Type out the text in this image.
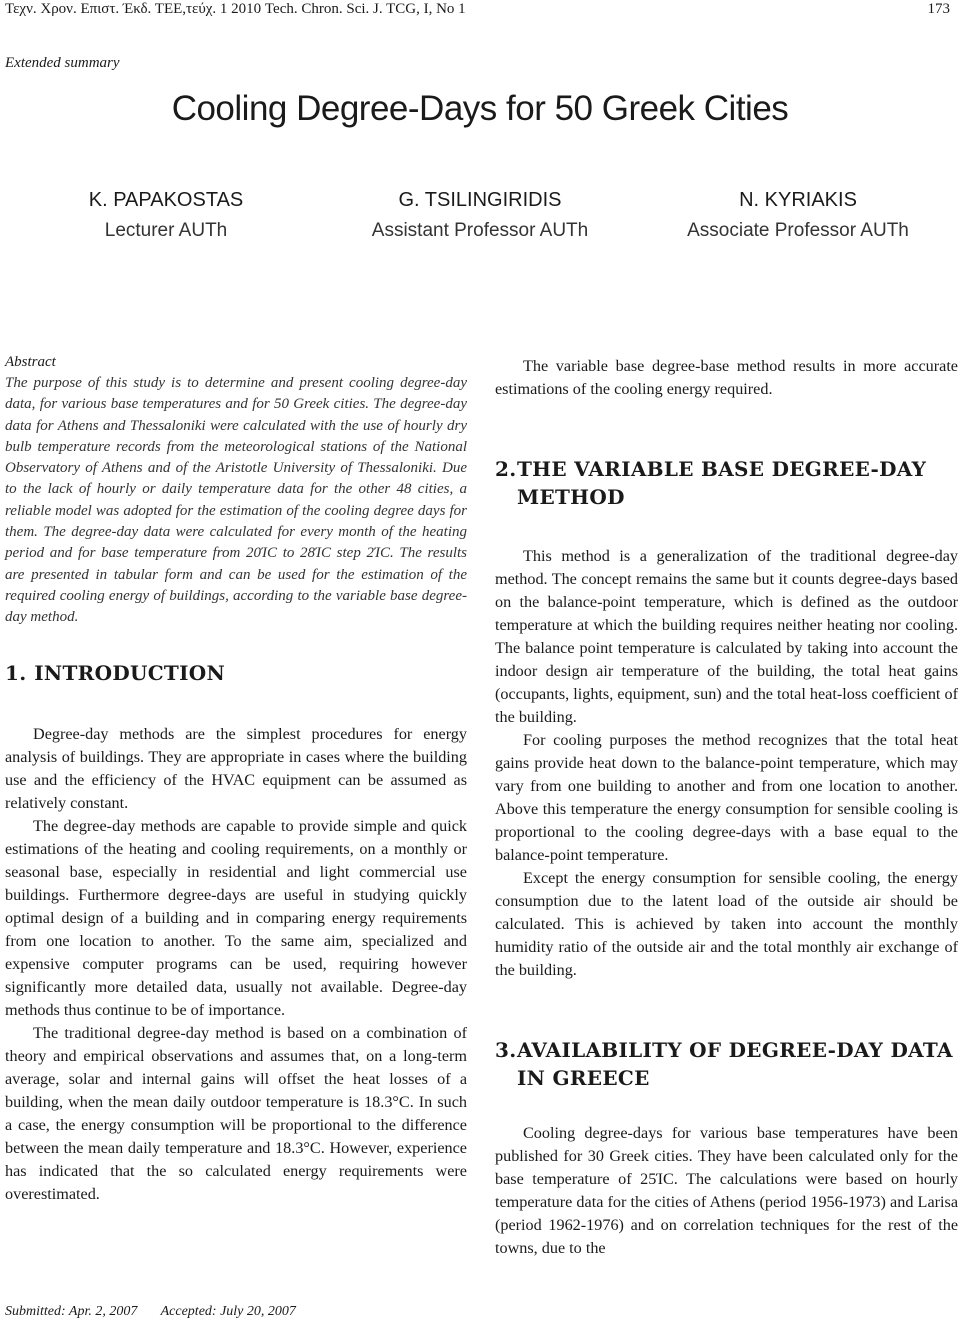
Τεχν. Χρον. Επιστ. Έκδ. ΤΕΕ,τεύχ. 1 2010 Tech. Chron. Sci. J. TCG, I, No 1	173
Extended summary
Cooling Degree-Days for 50 Greek Cities
K. PAPAKOSTAS
Lecturer AUTh
G. TSILINGIRIDIS
Assistant Professor AUTh
N. KYRIAKIS
Associate Professor AUTh
Abstract

The purpose of this study is to determine and present cooling degree-day data, for various base temperatures and for 50 Greek cities. The degree-day data for Athens and Thessaloniki were calculated with the use of hourly dry bulb temperature records from the meteorological stations of the National Observatory of Athens and of the Aristotle University of Thessaloniki. Due to the lack of hourly or daily temperature data for the other 48 cities, a reliable model was adopted for the estimation of the cooling degree days for them. The degree-day data were calculated for every month of the heating period and for base temperature from 20ΊC to 28ΊC step 2ΊC. The results are presented in tabular form and can be used for the estimation of the required cooling energy of buildings, according to the variable base degree-day method.

1. INTRODUCTION

Degree-day methods are the simplest procedures for energy analysis of buildings. They are appropriate in cases where the building use and the efficiency of the HVAC equipment can be assumed as relatively constant.

The degree-day methods are capable to provide simple and quick estimations of the heating and cooling requirements, on a monthly or seasonal base, especially in residential and light commercial use buildings. Furthermore degree-days are useful in studying quickly optimal design of a building and in comparing energy requirements from one location to another. To the same aim, specialized and expensive computer programs can be used, requiring however significantly more detailed data, usually not available. Degree-day methods thus continue to be of importance.

The traditional degree-day method is based on a combination of theory and empirical observations and assumes that, on a long-term average, solar and internal gains will offset the heat losses of a building, when the mean daily outdoor temperature is 18.3°C. In such a case, the energy consumption will be proportional to the difference between the mean daily temperature and 18.3°C. However, experience has indicated that the so calculated energy requirements were overestimated.

The variable base degree-base method results in more accurate estimations of the cooling energy required.

2.THE VARIABLE BASE DEGREE-DAY
METHOD

This method is a generalization of the traditional degree-day method. The concept remains the same but it counts degree-days based on the balance-point temperature, which is defined as the outdoor temperature at which the building requires neither heating nor cooling. The balance point temperature is calculated by taking into account the indoor design air temperature of the building, the total heat gains (occupants, lights, equipment, sun) and the total heat-loss coefficient of the building.

For cooling purposes the method recognizes that the total heat gains provide heat down to the balance-point temperature, which may vary from one building to another and from one location to another. Above this temperature the energy consumption for sensible cooling is proportional to the cooling degree-days with a base equal to the balance-point temperature.

Except the energy consumption for sensible cooling, the energy consumption due to the latent load of the outside air should be calculated. This is achieved by taken into account the monthly humidity ratio of the outside air and the total monthly air exchange of the building.

3.AVAILABILITY OF DEGREE-DAY DATA
IN GREECE

Cooling degree-days for various base temperatures have been published for 30 Greek cities. They have been calculated only for the base temperature of 25ΊC. The calculations were based on hourly temperature data for the cities of Athens (period 1956-1973) and Larisa (period 1962-1976) and on correlation techniques for the rest of the towns, due to the

Submitted: Apr. 2, 2007 Accepted: July 20, 2007
